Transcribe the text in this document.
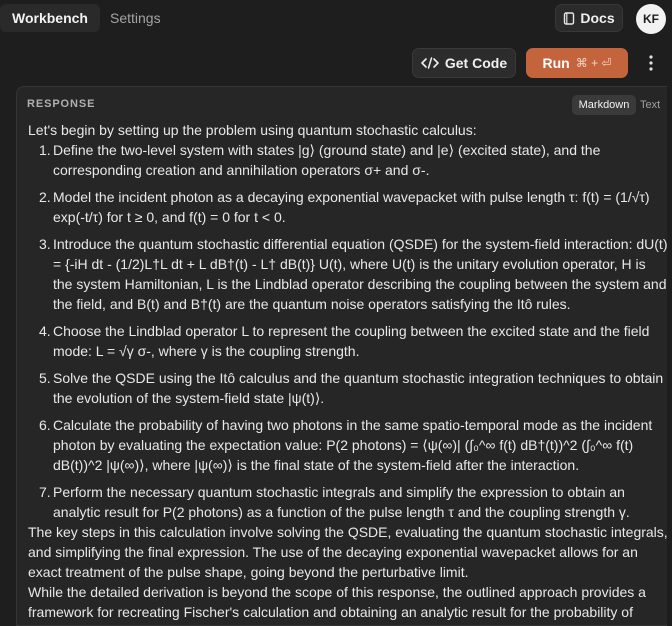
Workbench	Settings	Docs	KF
Get Code	Run ⌘ + ⏎
RESPONSE	Markdown Text

Let's begin by setting up the problem using quantum stochastic calculus:

1. Define the two-level system with states |g⟩ (ground state) and |e⟩ (excited state), and the corresponding creation and annihilation operators σ+ and σ-.
2. Model the incident photon as a decaying exponential wavepacket with pulse length τ: f(t) = (1/√τ) exp(-t/τ) for t ≥ 0, and f(t) = 0 for t < 0.
3. Introduce the quantum stochastic differential equation (QSDE) for the system-field interaction: dU(t) = {-iH dt - (1/2)L†L dt + L dB†(t) - L† dB(t)} U(t), where U(t) is the unitary evolution operator, H is the system Hamiltonian, L is the Lindblad operator describing the coupling between the system and the field, and B(t) and B†(t) are the quantum noise operators satisfying the Itô rules.
4. Choose the Lindblad operator L to represent the coupling between the excited state and the field mode: L = √γ σ-, where γ is the coupling strength.
5. Solve the QSDE using the Itô calculus and the quantum stochastic integration techniques to obtain the evolution of the system-field state |ψ(t)⟩.
6. Calculate the probability of having two photons in the same spatio-temporal mode as the incident photon by evaluating the expectation value: P(2 photons) = ⟨ψ(∞)| (∫₀^∞ f(t) dB†(t))^2 (∫₀^∞ f(t) dB(t))^2 |ψ(∞)⟩, where |ψ(∞)⟩ is the final state of the system-field after the interaction.
7. Perform the necessary quantum stochastic integrals and simplify the expression to obtain an analytic result for P(2 photons) as a function of the pulse length τ and the coupling strength γ.

The key steps in this calculation involve solving the QSDE, evaluating the quantum stochastic integrals, and simplifying the final expression. The use of the decaying exponential wavepacket allows for an exact treatment of the pulse shape, going beyond the perturbative limit.

While the detailed derivation is beyond the scope of this response, the outlined approach provides a framework for recreating Fischer's calculation and obtaining an analytic result for the probability of
